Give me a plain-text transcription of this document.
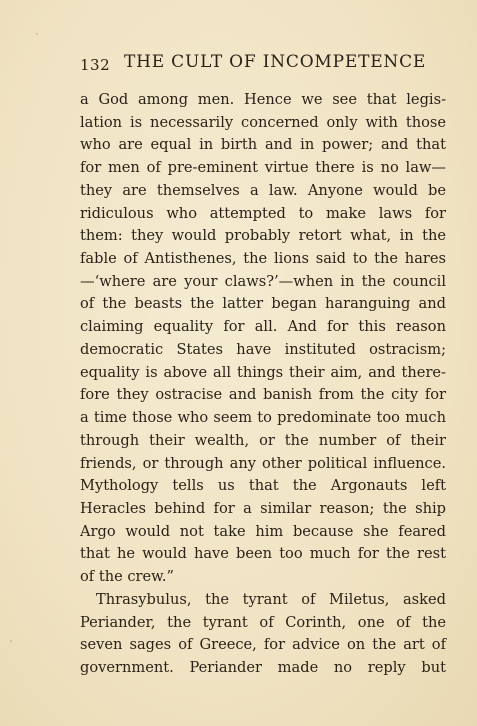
132 THE CULT OF INCOMPETENCE
a God among men. Hence we see that legis-
lation is necessarily concerned only with those
who are equal in birth and in power; and that
for men of pre-eminent virtue there is no law—
they are themselves a law. Anyone would be
ridiculous who attempted to make laws for
them: they would probably retort what, in the
fable of Antisthenes, the lions said to the hares
—‘where are your claws?’—when in the council
of the beasts the latter began haranguing and
claiming equality for all. And for this reason
democratic States have instituted ostracism;
equality is above all things their aim, and there-
fore they ostracise and banish from the city for
a time those who seem to predominate too much
through their wealth, or the number of their
friends, or through any other political influence.
Mythology tells us that the Argonauts left
Heracles behind for a similar reason; the ship
Argo would not take him because she feared
that he would have been too much for the rest
of the crew.”
Thrasybulus, the tyrant of Miletus, asked
Periander, the tyrant of Corinth, one of the
seven sages of Greece, for advice on the art of
government. Periander made no reply but
